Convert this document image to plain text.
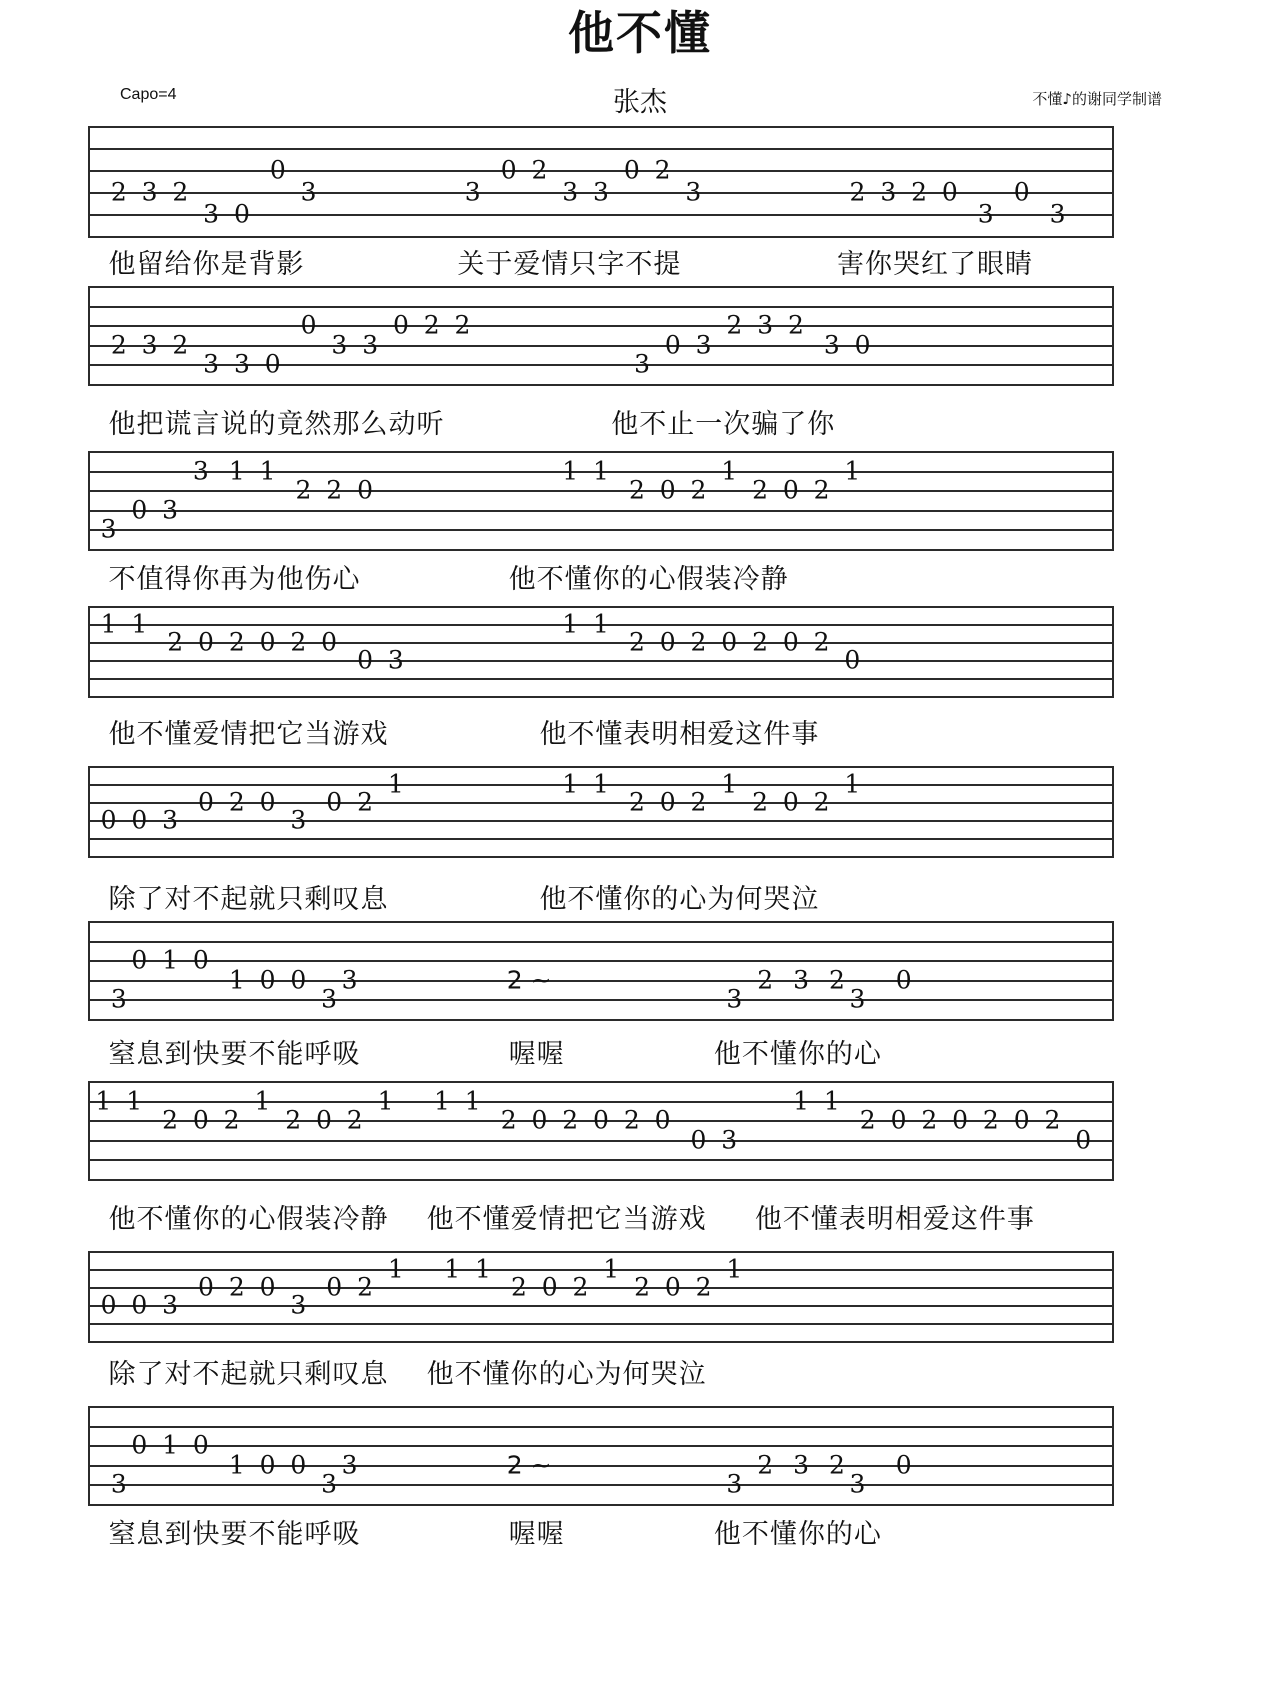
他不懂
Capo=4	张杰	不懂♪的谢同学制谱
2 3 2
3 0
0
3	3
0 2
3 3
0 2
3	2 3 2 0
3
0
3
2 3 2
3 3 0
0
3 3
0 2 2
3
0 3
2 3 2
3 0
3
0 3
3 1 1
2 2 0
1 1
2 0 2
1
2 0 2
1
1 1
2 0 2 0 2 0
0 3
1 1
2 0 2 0 2 0 2
0
0 0 3
0 2 0
3
0 2
1	1 1
2 0 2
1
2 0 2
1
0 1 0
3
1 0 0
3
3	2 ~	2 3 2
3	3
0
1 1
2 0 2
1
2 0 2
1 1 1
2 0 2 0 2 0
0 3
1 1
2 0 2 0 2 0 2
0
0 0 3
0 2 0
3
0 2
1 1 1
2 0 2
1
2 0 2
1
0 1 0
3
1 0 0
3
3	2 ~	2 3 2
3	3
0
他留给你是背影	关于爱情只字不提	害你哭红了眼睛
他把谎言说的竟然那么动听	他不止一次骗了你
不值得你再为他伤心	他不懂你的心假装冷静
他不懂爱情把它当游戏	他不懂表明相爱这件事
除了对不起就只剩叹息	他不懂你的心为何哭泣
窒息到快要不能呼吸	喔喔	他不懂你的心
他不懂你的心假装冷静 他不懂爱情把它当游戏 他不懂表明相爱这件事
除了对不起就只剩叹息 他不懂你的心为何哭泣
窒息到快要不能呼吸	喔喔	他不懂你的心
